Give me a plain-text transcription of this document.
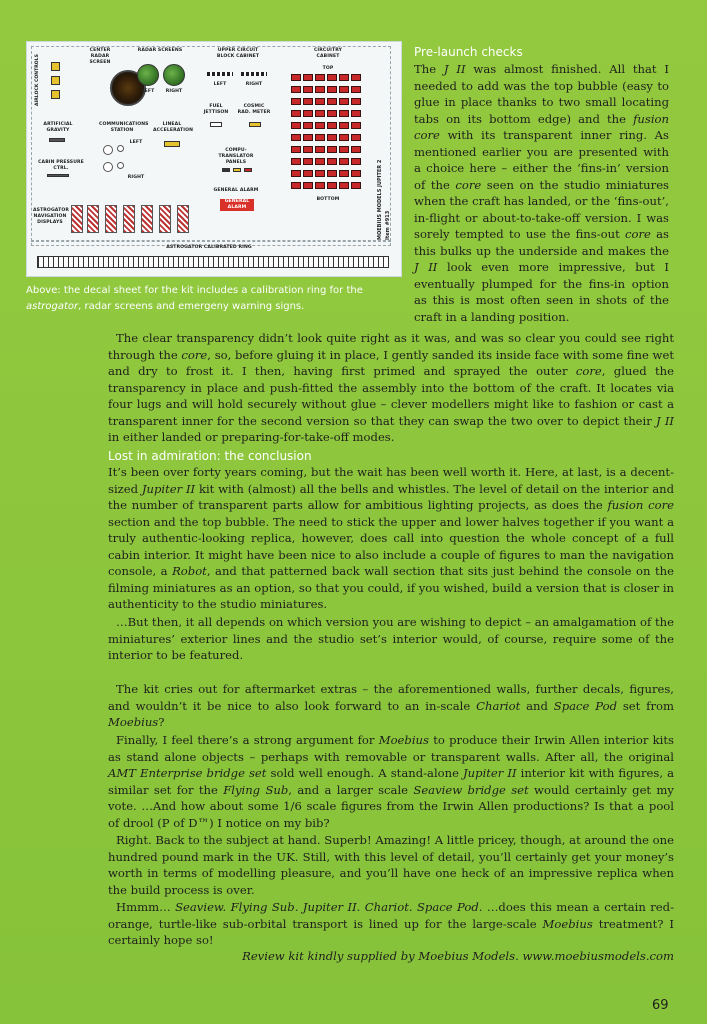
AIRLOCK CONTROLS
CENTER RADAR SCREEN
RADAR SCREENS
LEFT	RIGHT
UPPER CIRCUIT BLOCK CABINET
LEFT	RIGHT
FUEL JETTISON
COSMIC RAD. METER
CIRCUITRY CABINET
TOP
BOTTOM
ARTIFICIAL GRAVITY
COMMUNICATIONS STATION
LINEAL ACCELERATION
LEFT
RIGHT
CABIN PRESSURE CTRL.
COMPU-TRANSLATOR PANELS
GENERAL ALARM
GENERAL ALARM
ASTROGATOR NAVIGATION DISPLAYS
ASTROGATOR CALIBRATED RING
MOEBIUS MODELS JUPITER 2 Item #913
Above: the decal sheet for the kit includes a calibration ring for the astrogator, radar screens and emergeny warning signs.
Pre-launch checks
The J II was almost finished. All that I needed to add was the top bubble (easy to glue in place thanks to two small locating tabs on its bottom edge) and the fusion core with its transparent inner ring. As mentioned earlier you are presented with a choice here – either the ‘fins-in’ version of the core seen on the studio miniatures when the craft has landed, or the ‘fins-out’, in-flight or about-to-take-off version. I was sorely tempted to use the fins-out core as this bulks up the underside and makes the J II look even more impressive, but I eventually plumped for the fins-in option as this is most often seen in shots of the craft in a landing position.
The clear transparency didn’t look quite right as it was, and was so clear you could see right through the core, so, before gluing it in place, I gently sanded its inside face with some fine wet and dry to frost it. I then, having first primed and sprayed the outer core, glued the transparency in place and push-fitted the assembly into the bottom of the craft. It locates via four lugs and will hold securely without glue – clever modellers might like to fashion or cast a transparent inner for the second version so that they can swap the two over to depict their J II in either landed or preparing-for-take-off modes.
Lost in admiration: the conclusion
It’s been over forty years coming, but the wait has been well worth it. Here, at last, is a decent-sized Jupiter II kit with (almost) all the bells and whistles. The level of detail on the interior and the number of transparent parts allow for ambitious lighting projects, as does the fusion core section and the top bubble. The need to stick the upper and lower halves together if you want a truly authentic-looking replica, however, does call into question the whole concept of a full cabin interior. It might have been nice to also include a couple of figures to man the navigation console, a Robot, and that patterned back wall section that sits just behind the console on the filming miniatures as an option, so that you could, if you wished, build a version that is closer in authenticity to the studio miniatures.
…But then, it all depends on which version you are wishing to depict – an amalgamation of the miniatures’ exterior lines and the studio set’s interior would, of course, require some of the interior to be featured.
The kit cries out for aftermarket extras – the aforementioned walls, further decals, figures, and wouldn’t it be nice to also look forward to an in-scale Chariot and Space Pod set from Moebius?
Finally, I feel there’s a strong argument for Moebius to produce their Irwin Allen interior kits as stand alone objects – perhaps with removable or transparent walls. After all, the original AMT Enterprise bridge set sold well enough. A stand-alone Jupiter II interior kit with figures, a similar set for the Flying Sub, and a larger scale Seaview bridge set would certainly get my vote. …And how about some 1/6 scale figures from the Irwin Allen productions? Is that a pool of drool (P of D™) I notice on my bib?
Right. Back to the subject at hand. Superb! Amazing! A little pricey, though, at around the one hundred pound mark in the UK. Still, with this level of detail, you’ll certainly get your money’s worth in terms of modelling pleasure, and you’ll have one heck of an impressive replica when the build process is over.
Hmmm… Seaview. Flying Sub. Jupiter II. Chariot. Space Pod. …does this mean a certain red-orange, turtle-like sub-orbital transport is lined up for the large-scale Moebius treatment? I certainly hope so!
Review kit kindly supplied by Moebius Models. www.moebiusmodels.com
69
